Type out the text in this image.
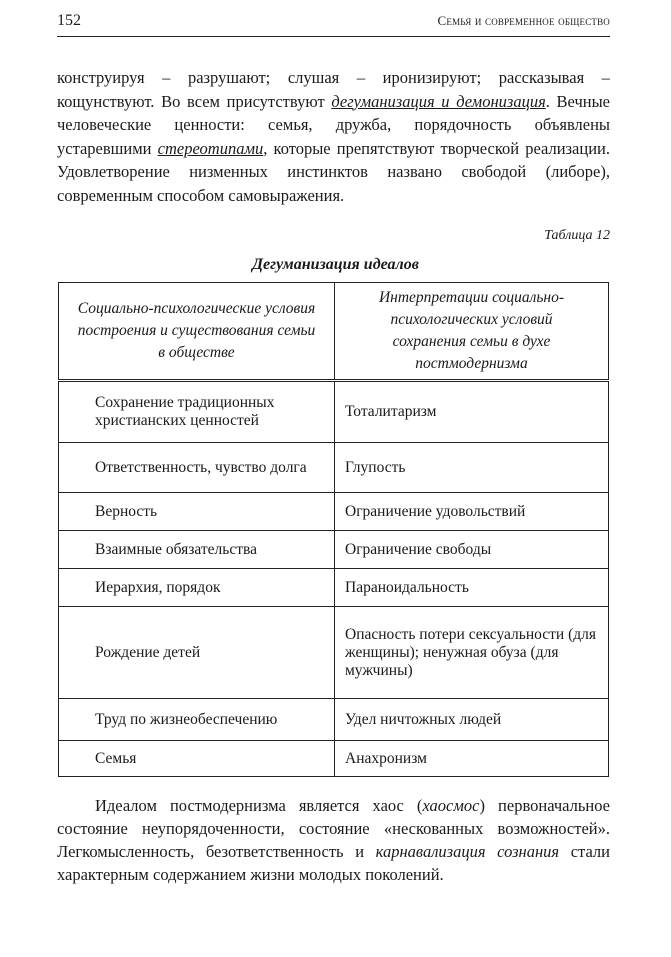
152	Семья и современное общество

конструируя – разрушают; слушая – иронизируют; рассказывая – кощунствуют. Во всем присутствуют дегуманизация и демонизация. Вечные человеческие ценности: семья, дружба, порядочность объявлены устаревшими стереотипами, которые препятствуют творческой реализации. Удовлетворение низменных инстинктов названо свободой (либоре), современным способом самовыражения.

Таблица 12
Дегуманизация идеалов
Социально-психологические условия построения и существования семьи в обществе	Интерпретации социально-психологических условий сохранения семьи в духе постмодернизма
Сохранение традиционных христианских ценностей	Тоталитаризм
Ответственность, чувство долга	Глупость
Верность	Ограничение удовольствий
Взаимные обязательства	Ограничение свободы
Иерархия, порядок	Параноидальность
Рождение детей	Опасность потери сексуальности (для женщины); ненужная обуза (для мужчины)
Труд по жизнеобеспечению	Удел ничтожных людей
Семья	Анахронизм

Идеалом постмодернизма является хаос (хаосмос) первоначальное состояние неупорядоченности, состояние «нескованных возможностей». Легкомысленность, безответственность и карнавализация сознания стали характерным содержанием жизни молодых поколений.
